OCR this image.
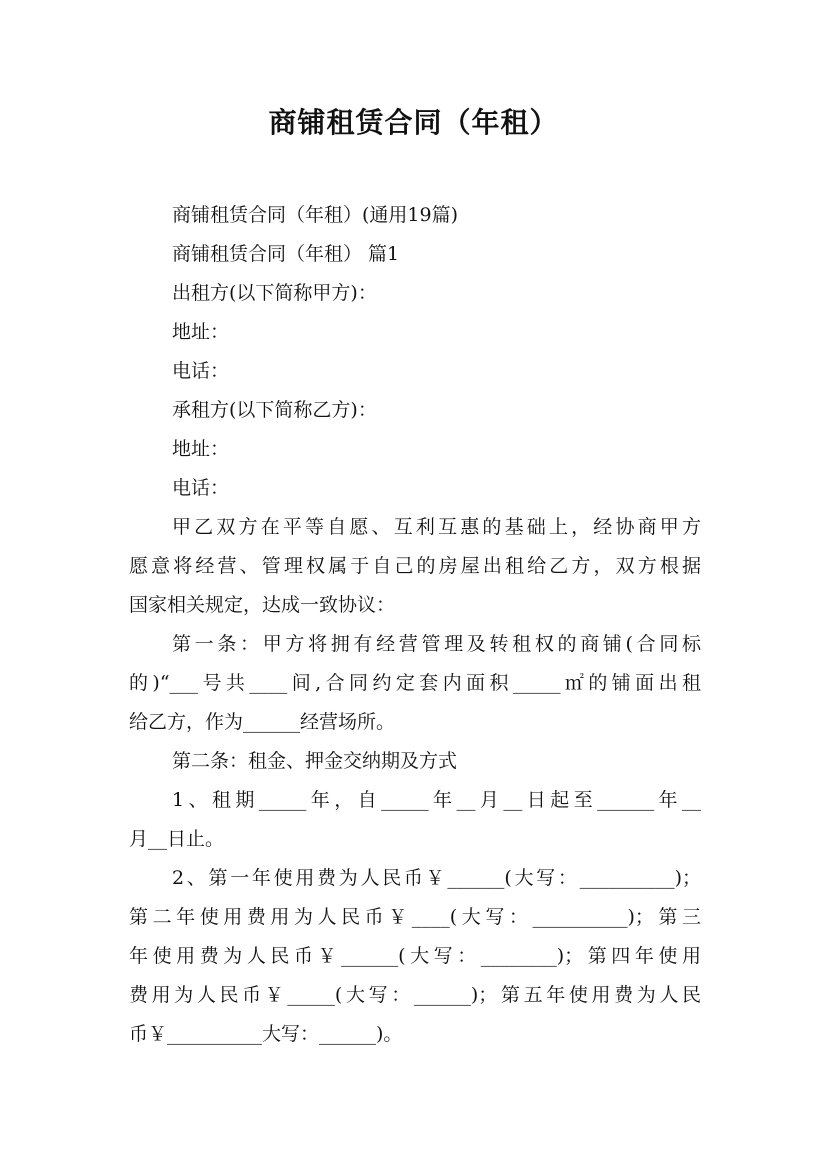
商铺租赁合同（年租）

商铺租赁合同（年租）(通用19篇)

商铺租赁合同（年租） 篇1

出租方(以下简称甲方)：

地址：

电话：

承租方(以下简称乙方)：

地址：

电话：

甲乙双方在平等自愿、互利互惠的基础上，经协商甲方

愿意将经营、管理权属于自己的房屋出租给乙方，双方根据

国家相关规定，达成一致协议：

第一条：甲方将拥有经营管理及转租权的商铺(合同标

的)“___号共____间,合同约定套内面积_____㎡的铺面出租

给乙方，作为______经营场所。

第二条：租金、押金交纳期及方式

1、租期_____年，自_____年__月__日起至______年__

月__日止。

2、第一年使用费为人民币￥______(大写：__________)；

第二年使用费用为人民币￥____(大写：__________)；第三

年使用费为人民币￥______(大写：________)；第四年使用

费用为人民币￥_____(大写：______)；第五年使用费为人民

币￥__________大写：______)。
